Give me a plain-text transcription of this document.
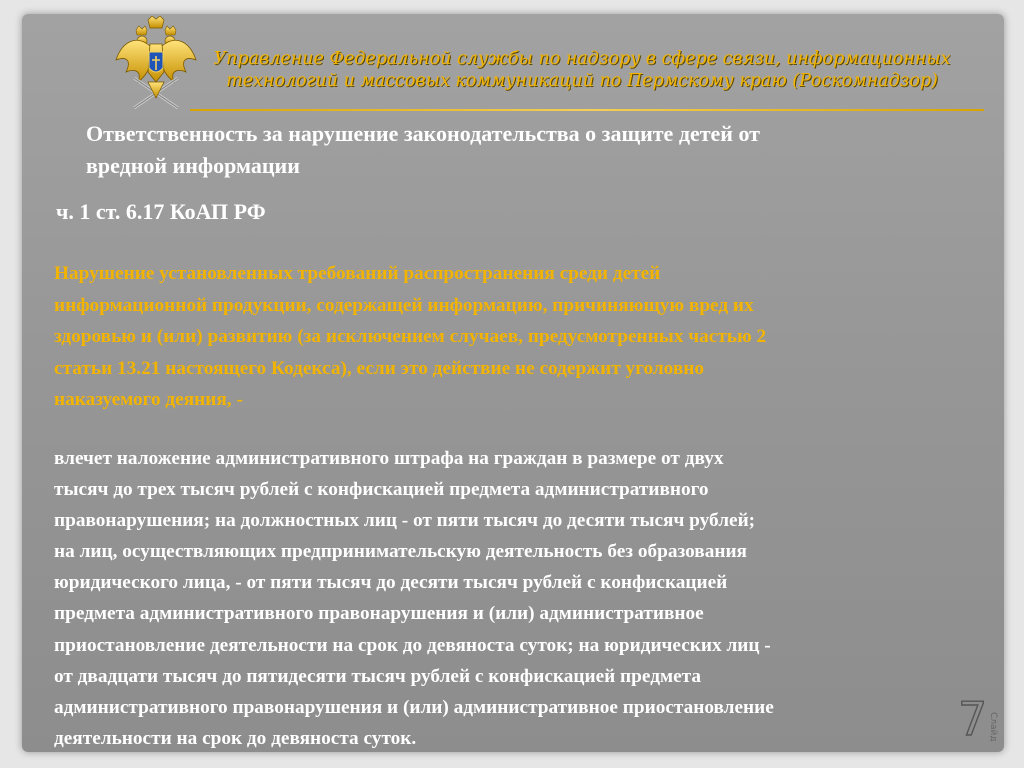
Управление Федеральной службы по надзору в сфере связи, информационных
технологий и массовых коммуникаций по Пермскому краю (Роскомнадзор)
Ответственность за нарушение законодательства о защите детей от
вредной информации
ч. 1 ст. 6.17 КоАП РФ
Нарушение установленных требований распространения среди детей
информационной продукции, содержащей информацию, причиняющую вред их
здоровью и (или) развитию (за исключением случаев, предусмотренных частью 2
статьи 13.21 настоящего Кодекса), если это действие не содержит уголовно
наказуемого деяния, -
влечет наложение административного штрафа на граждан в размере от двух
тысяч до трех тысяч рублей с конфискацией предмета административного
правонарушения; на должностных лиц - от пяти тысяч до десяти тысяч рублей;
на лиц, осуществляющих предпринимательскую деятельность без образования
юридического лица, - от пяти тысяч до десяти тысяч рублей с конфискацией
предмета административного правонарушения и (или) административное
приостановление деятельности на срок до девяноста суток; на юридических лиц -
от двадцати тысяч до пятидесяти тысяч рублей с конфискацией предмета
административного правонарушения и (или) административное приостановление
деятельности на срок до девяноста суток.	7 Слайд
